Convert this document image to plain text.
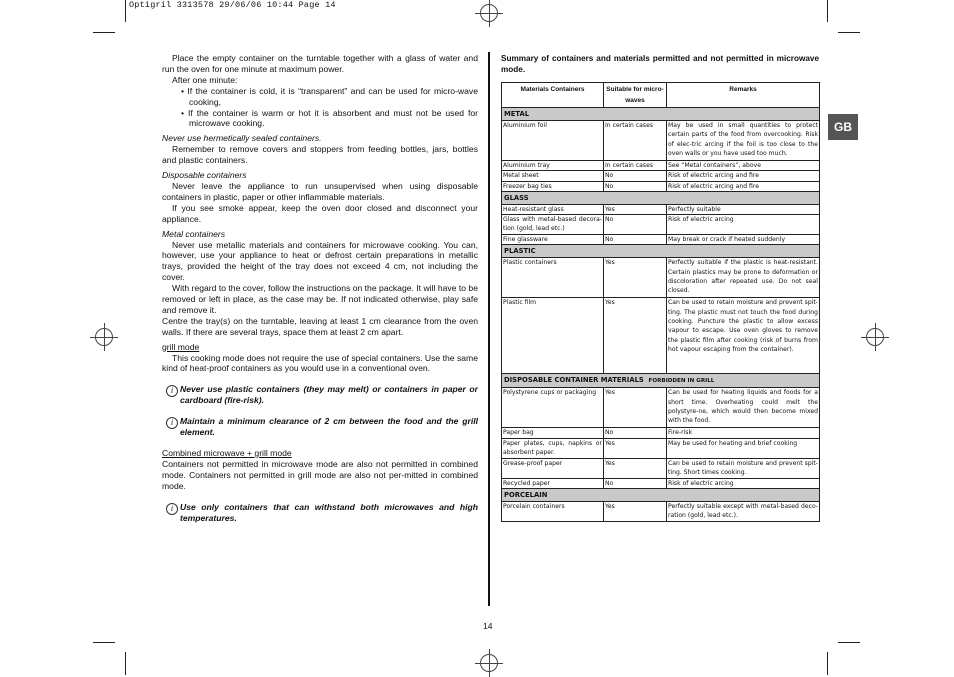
Optigril 3313578 29/06/06 10:44 Page 14
14
GB

Place the empty container on the turntable together with a glass of water and run the oven for one minute at maximum power.

After one minute:

• If the container is cold, it is “transparent” and can be used for micro-wave cooking,

• If the container is warm or hot it is absorbent and must not be used for microwave cooking.

Never use hermetically sealed containers.

Remember to remove covers and stoppers from feeding bottles, jars, bottles and plastic containers.

Disposable containers

Never leave the appliance to run unsupervised when using disposable containers in plastic, paper or other inflammable materials.

If you see smoke appear, keep the oven door closed and disconnect your appliance.

Metal containers

Never use metallic materials and containers for microwave cooking. You can, however, use your appliance to heat or defrost certain preparations in metallic trays, provided the height of the tray does not exceed 4 cm, not including the cover.

With regard to the cover, follow the instructions on the package. It will have to be removed or left in place, as the case may be. If not indicated otherwise, play safe and remove it.

Centre the tray(s) on the turntable, leaving at least 1 cm clearance from the oven walls. If there are several trays, space them at least 2 cm apart.

grill mode

This cooking mode does not require the use of special containers. Use the same kind of heat-proof containers as you would use in a conventional oven.

i Never use plastic containers (they may melt) or containers in paper or cardboard (fire-risk).

i Maintain a minimum clearance of 2 cm between the food and the grill element.

Combined microwave + grill mode

Containers not permitted in microwave mode are also not permitted in combined mode. Containers not permitted in grill mode are also not per-mitted in combined mode.

i Use only containers that can withstand both microwaves and high temperatures.

Summary of containers and materials permitted and not permitted in microwave mode.

Materials Containers	Suitable for micro-waves	Remarks
METAL		
Aluminium foil	In certain cases	May be used in small quantities to protect certain parts of the food from overcooking. Risk of elec-tric arcing if the foil is too close to the oven walls or you have used too much.
Aluminium tray	In certain cases	See “Metal containers”, above
Metal sheet	No	Risk of electric arcing and fire
Freezer bag ties	No	Risk of electric arcing and fire
GLASS		
Heat-resistant glass	Yes	Perfectly suitable
Glass with metal-based decora-tion (gold, lead etc.)	No	Risk of electric arcing
Fine glassware	No	May break or crack if heated suddenly
PLASTIC		
Plastic containers	Yes	Perfectly suitable if the plastic is heat-resistant. Certain plastics may be prone to deformation or discoloration after repeated use. Do not seal closed.
Plastic film	Yes	Can be used to retain moisture and prevent spit-ting. The plastic must not touch the food during cooking. Puncture the plastic to allow excess vapour to escape. Use oven gloves to remove the plastic film after cooking (risk of burns from hot vapour escaping from the container).
DISPOSABLE CONTAINER MATERIALS FORBIDDEN IN GRILL		
Polystyrene cups or packaging	Yes	Can be used for heating liquids and foods for a short time. Overheating could melt the polystyre-ne, which would then become mixed with the food.
Paper bag	No	Fire-risk
Paper plates, cups, napkins or absorbent paper.	Yes	May be used for heating and brief cooking
Grease-proof paper	Yes	Can be used to retain moisture and prevent spit-ting. Short times cooking.
Recycled paper	No	Risk of electric arcing
PORCELAIN		
Porcelain containers	Yes	Perfectly suitable except with metal-based deco-ration (gold, lead etc.).
